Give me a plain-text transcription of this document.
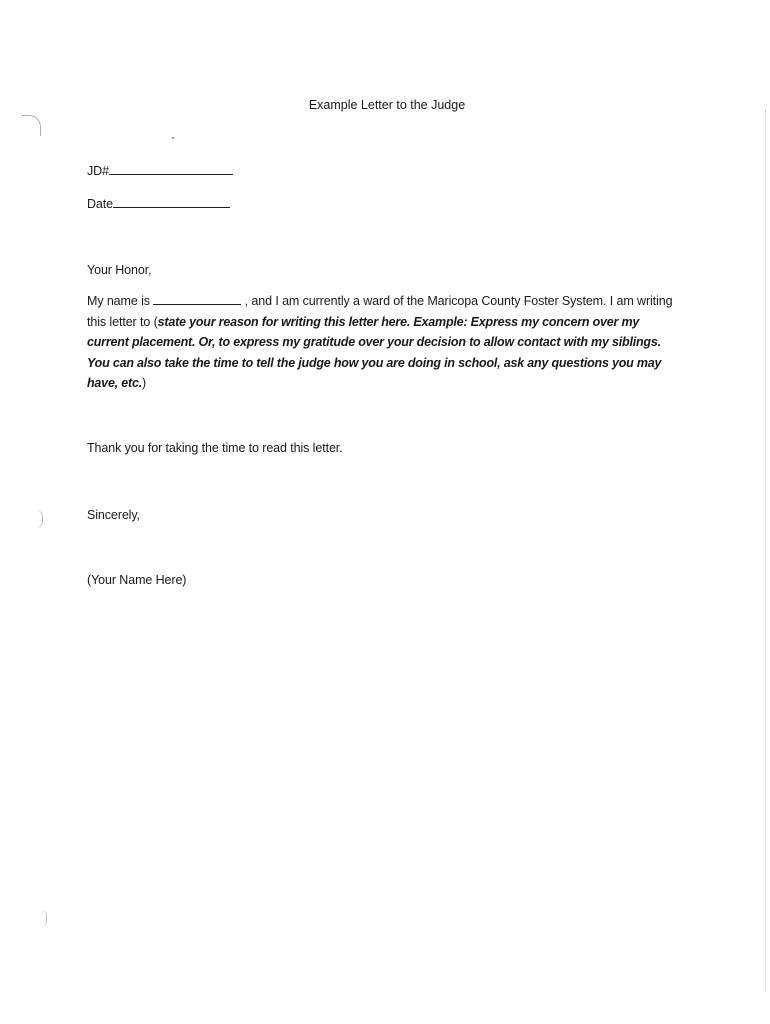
Example Letter to the Judge
JD#
Date
Your Honor,
My name is	, and I am currently a ward of the Maricopa County Foster System. I am writing this letter to (state your reason for writing this letter here. Example: Express my concern over my current placement. Or, to express my gratitude over your decision to allow contact with my siblings. You can also take the time to tell the judge how you are doing in school, ask any questions you may have, etc.)
Thank you for taking the time to read this letter.
Sincerely,
(Your Name Here)
